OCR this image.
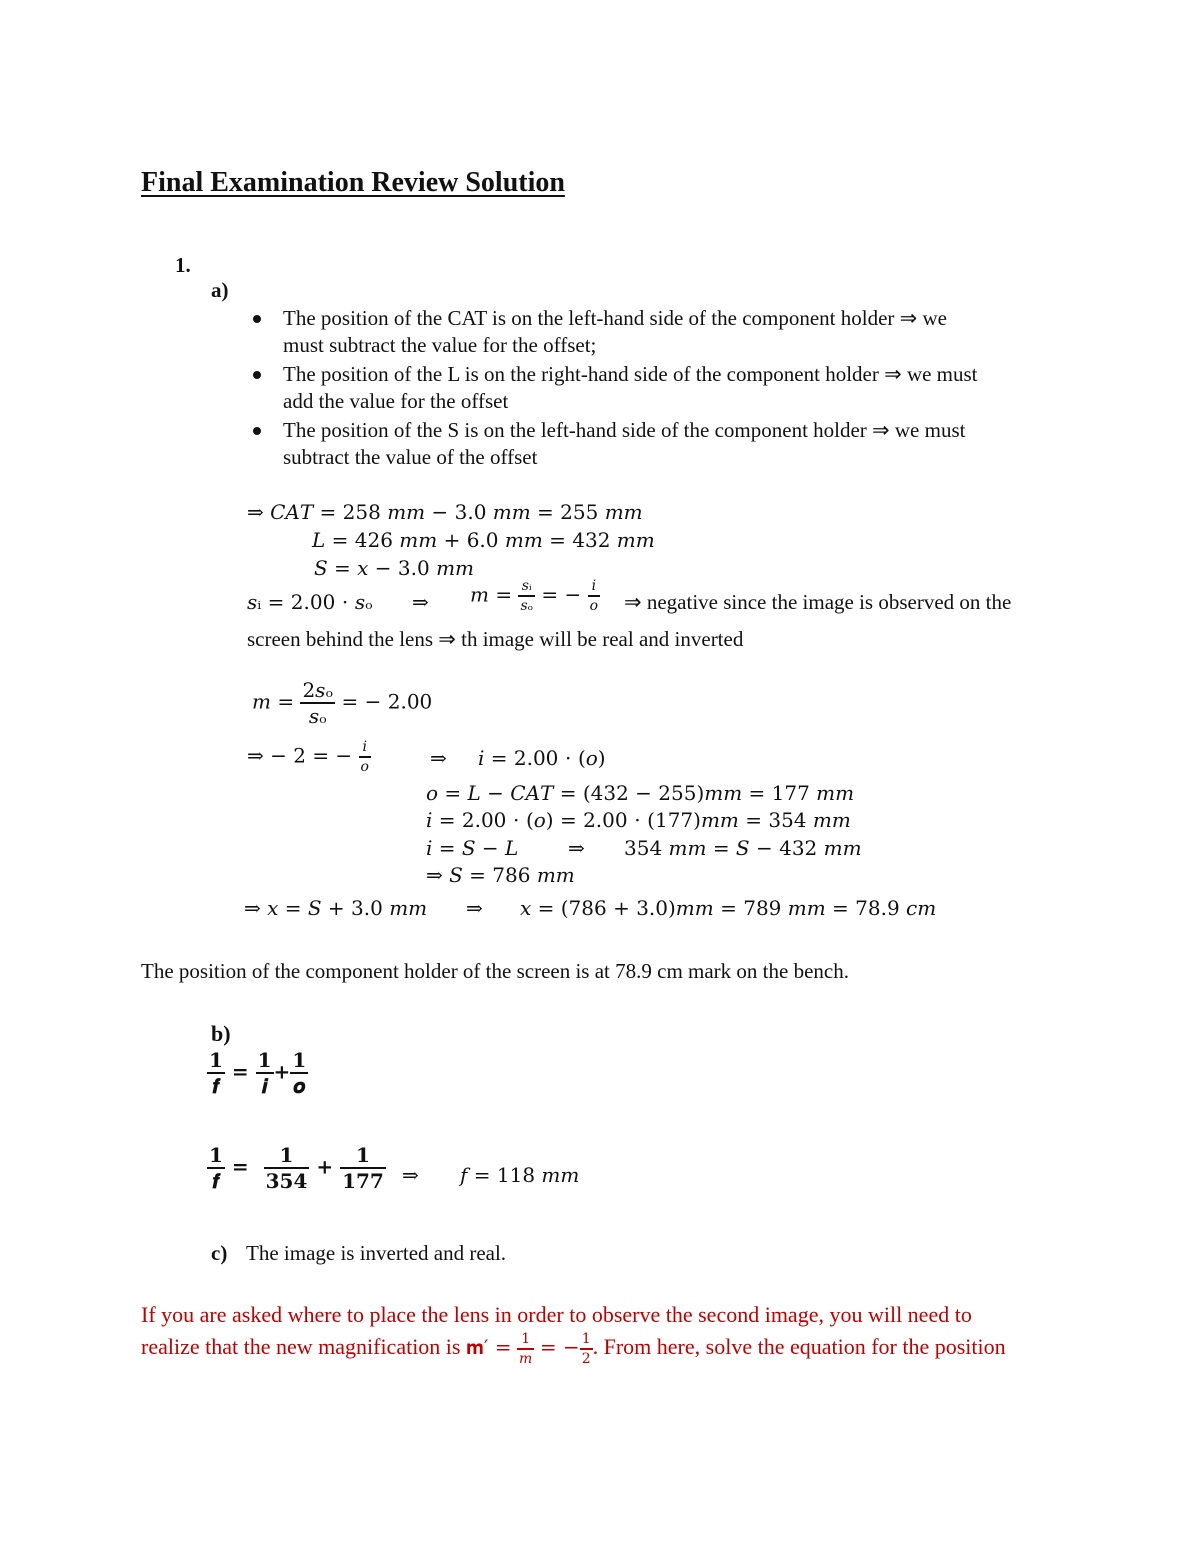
Final Examination Review Solution
1.
a)
The position of the CAT is on the left-hand side of the component holder ⇒ we
must subtract the value for the offset;
The position of the L is on the right-hand side of the component holder ⇒ we must
add the value for the offset
The position of the S is on the left-hand side of the component holder ⇒ we must
subtract the value of the offset
⇒ 𝐶𝐴𝑇 = 258 𝑚𝑚 − 3.0 𝑚𝑚 = 255 𝑚𝑚
𝐿 = 426 𝑚𝑚 + 6.0 𝑚𝑚 = 432 𝑚𝑚
𝑆 = 𝑥 − 3.0 𝑚𝑚
𝑠ᵢ = 2.00 ⋅ 𝑠ₒ ⇒ 𝑚 = $\frac{\text{𝑠ᵢ}}{\text{𝑠ₒ}}$ = − $\frac{\text{𝑖}}{\text{𝑜}}$ ⇒ negative since the image is observed on the
screen behind the lens ⇒ th image will be real and inverted
𝑚 = $\frac{\text{2𝑠ₒ}}{\text{𝑠ₒ}}$ = − 2.00
⇒ − 2 = − $\frac{\text{𝑖}}{\text{𝑜}}$	⇒ 𝑖 = 2.00 ⋅ (𝑜)
𝑜 = 𝐿 − 𝐶𝐴𝑇 = (432 − 255)𝑚𝑚 = 177 𝑚𝑚
𝑖 = 2.00 ⋅ (𝑜) = 2.00 ⋅ (177)𝑚𝑚 = 354 𝑚𝑚
𝑖 = 𝑆 − 𝐿 ⇒ 354 𝑚𝑚 = 𝑆 − 432 𝑚𝑚
⇒ 𝑆 = 786 𝑚𝑚
⇒ 𝑥 = 𝑆 + 3.0 𝑚𝑚 ⇒ 𝑥 = (786 + 3.0)𝑚𝑚 = 789 𝑚𝑚 = 78.9 𝑐𝑚
The position of the component holder of the screen is at 78.9 cm mark on the bench.
b)
$\frac{𝟏}{\text{𝒇}} = \frac{𝟏}{\text{𝒊}} + \frac{𝟏}{\text{𝒐}}$
$\frac{𝟏}{\text{𝒇}} = \frac{𝟏}{𝟑𝟓𝟒} + \frac{𝟏}{𝟏𝟕𝟕}$ ⇒ 𝑓 = 118 𝑚𝑚
c) The image is inverted and real.
If you are asked where to place the lens in order to observe the second image, you will need to
realize that the new magnification is 𝐦′ = $\frac{1}{\text{𝑚}}$ = − $\frac{1}{2}$ . From here, solve the equation for the position
